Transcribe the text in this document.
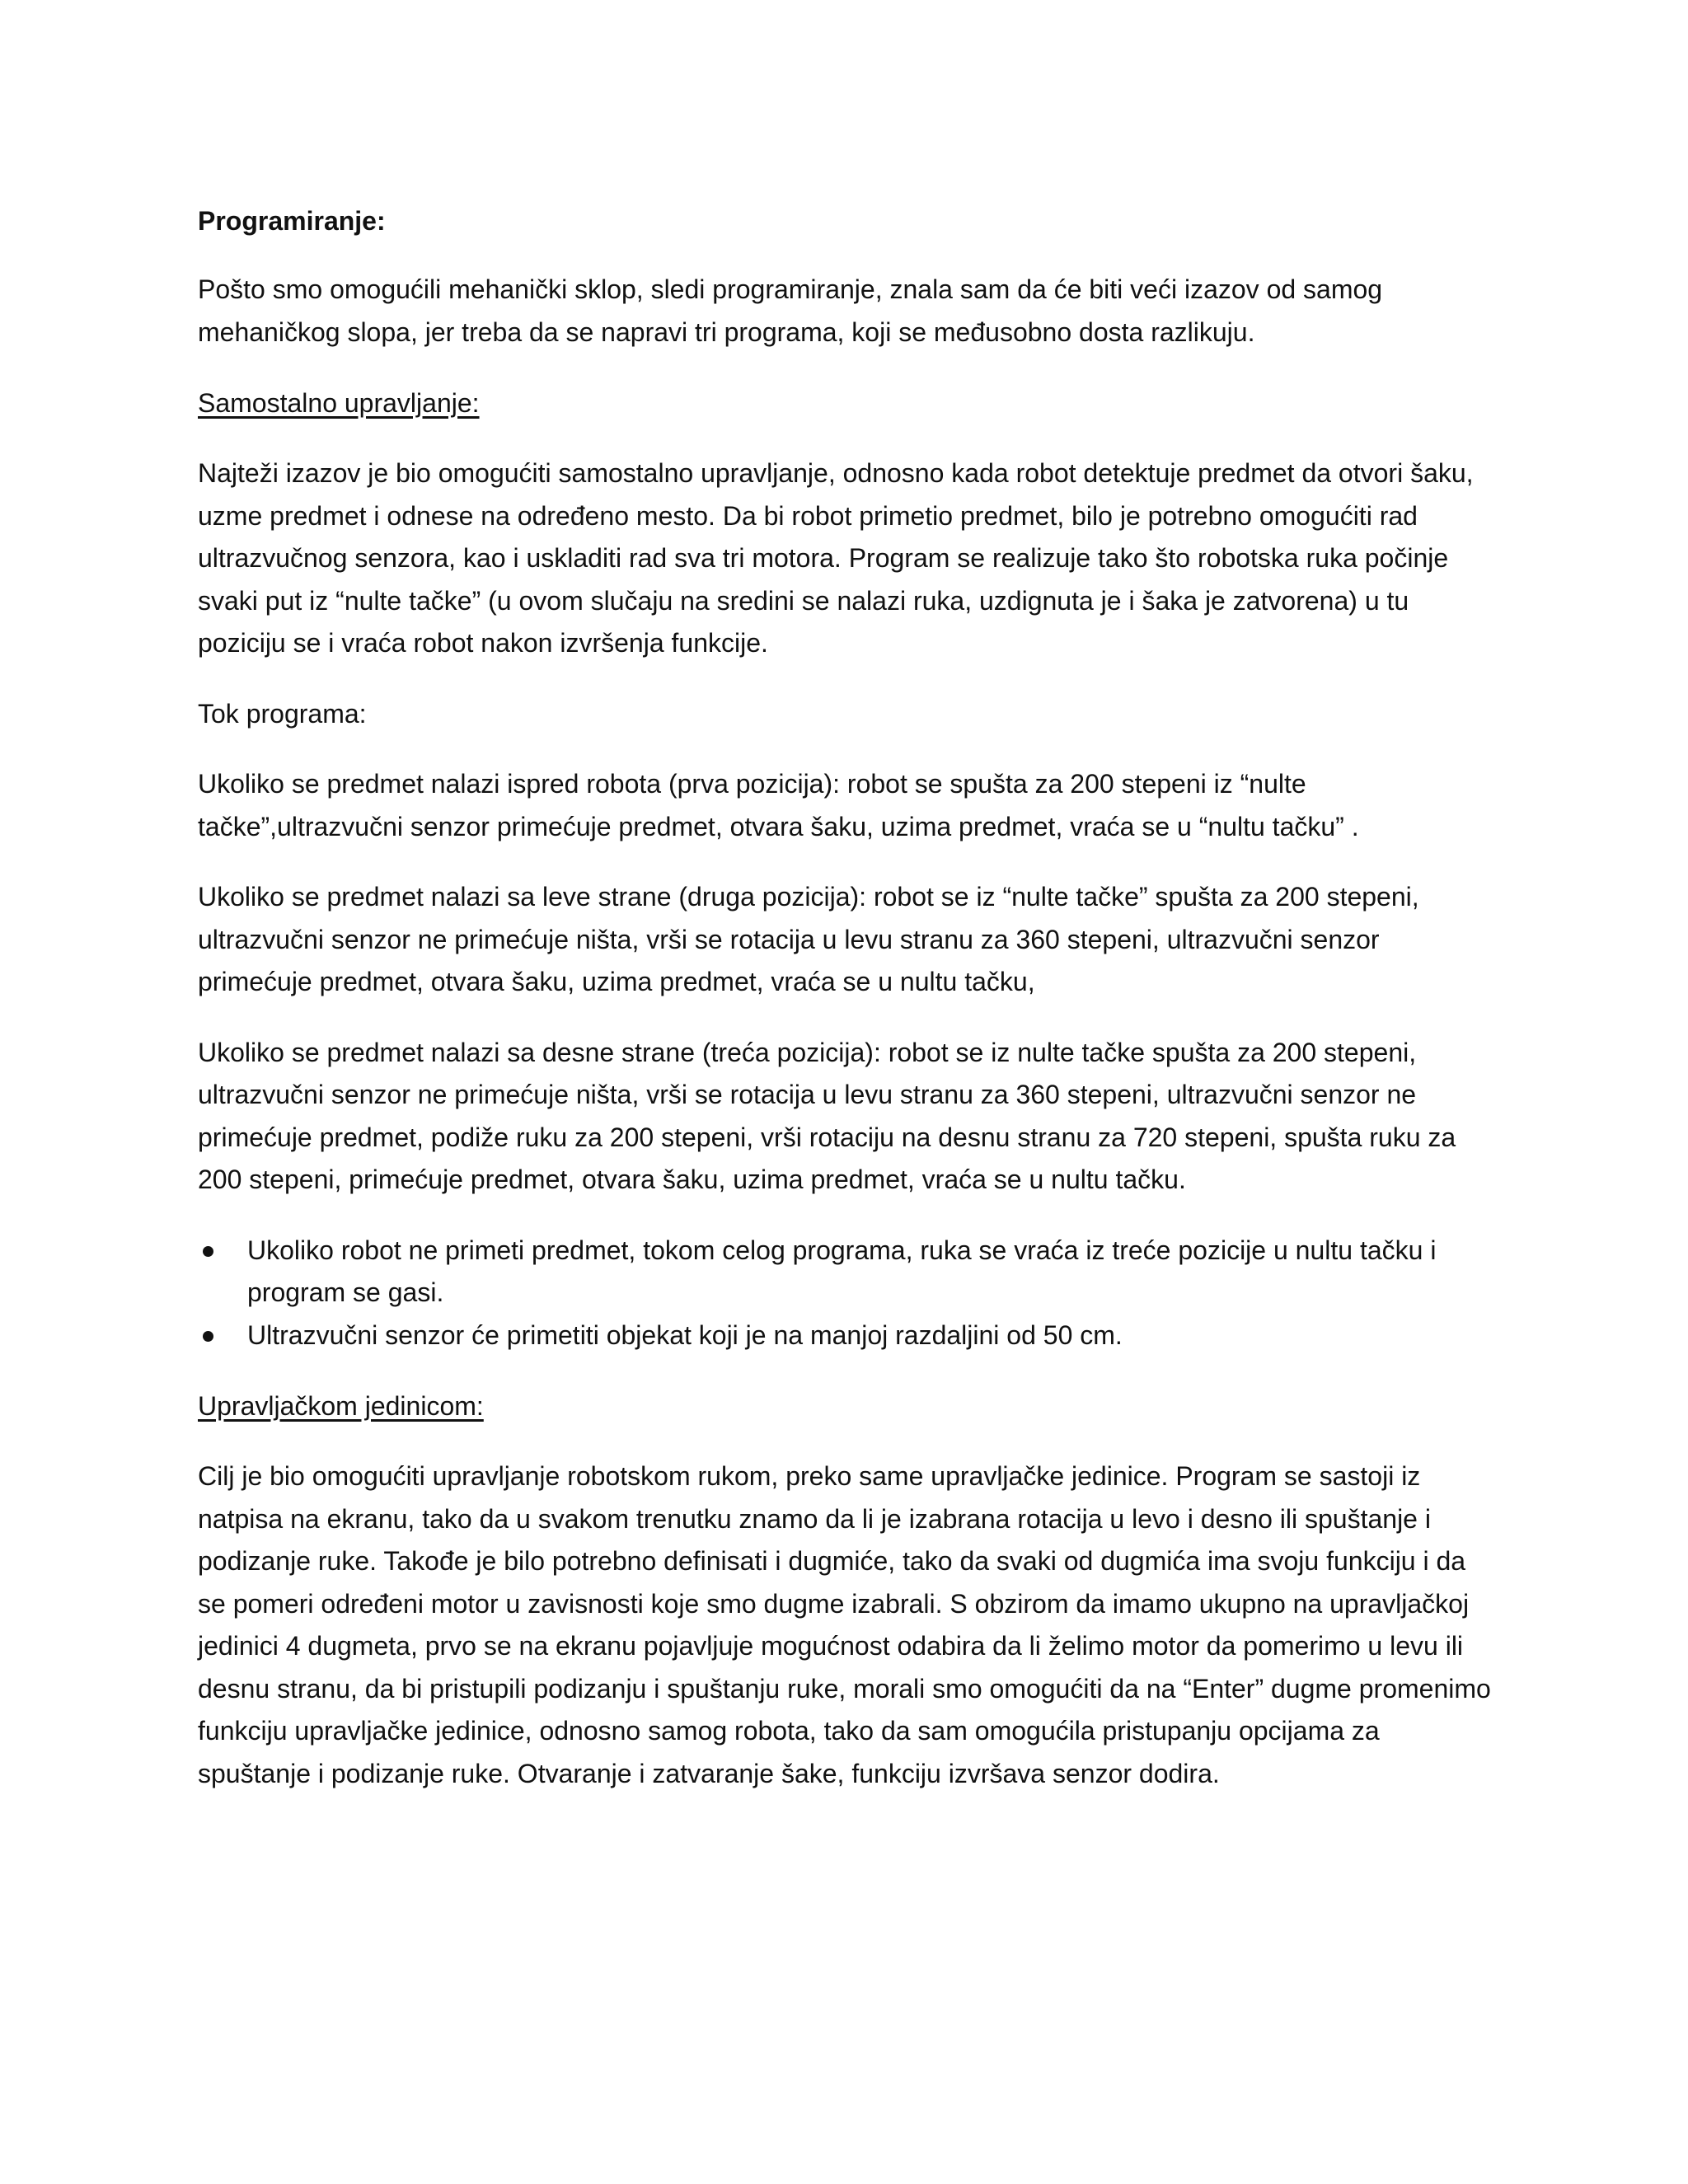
Programiranje:

Pošto smo omogućili mehanički sklop, sledi programiranje, znala sam da će biti veći izazov od samog mehaničkog slopa, jer treba da se napravi tri programa, koji se međusobno dosta razlikuju.

Samostalno upravljanje:

Najteži izazov je bio omogućiti samostalno upravljanje, odnosno kada robot detektuje predmet da otvori šaku, uzme predmet i odnese na određeno mesto. Da bi robot primetio predmet, bilo je potrebno omogućiti rad ultrazvučnog senzora, kao i uskladiti rad sva tri motora. Program se realizuje tako što robotska ruka počinje svaki put iz “nulte tačke” (u ovom slučaju na sredini se nalazi ruka, uzdignuta je i šaka je zatvorena) u tu poziciju se i vraća robot nakon izvršenja funkcije.

Tok programa:

Ukoliko se predmet nalazi ispred robota (prva pozicija): robot se spušta za 200 stepeni iz “nulte tačke”,ultrazvučni senzor primećuje predmet, otvara šaku, uzima predmet, vraća se u “nultu tačku” .

Ukoliko se predmet nalazi sa leve strane (druga pozicija): robot se iz “nulte tačke” spušta za 200 stepeni, ultrazvučni senzor ne primećuje ništa, vrši se rotacija u levu stranu za 360 stepeni, ultrazvučni senzor primećuje predmet, otvara šaku, uzima predmet, vraća se u nultu tačku,

Ukoliko se predmet nalazi sa desne strane (treća pozicija): robot se iz nulte tačke spušta za 200 stepeni, ultrazvučni senzor ne primećuje ništa, vrši se rotacija u levu stranu za 360 stepeni, ultrazvučni senzor ne primećuje predmet, podiže ruku za 200 stepeni, vrši rotaciju na desnu stranu za 720 stepeni, spušta ruku za 200 stepeni, primećuje predmet, otvara šaku, uzima predmet, vraća se u nultu tačku.

Ukoliko robot ne primeti predmet, tokom celog programa, ruka se vraća iz treće pozicije u nultu tačku i program se gasi.
Ultrazvučni senzor će primetiti objekat koji je na manjoj razdaljini od 50 cm.
Upravljačkom jedinicom:

Cilj je bio omogućiti upravljanje robotskom rukom, preko same upravljačke jedinice. Program se sastoji iz natpisa na ekranu, tako da u svakom trenutku znamo da li je izabrana rotacija u levo i desno ili spuštanje i podizanje ruke. Takođe je bilo potrebno definisati i dugmiće, tako da svaki od dugmića ima svoju funkciju i da se pomeri određeni motor u zavisnosti koje smo dugme izabrali. S obzirom da imamo ukupno na upravljačkoj jedinici 4 dugmeta, prvo se na ekranu pojavljuje mogućnost odabira da li želimo motor da pomerimo u levu ili desnu stranu, da bi pristupili podizanju i spuštanju ruke, morali smo omogućiti da na “Enter” dugme promenimo funkciju upravljačke jedinice, odnosno samog robota, tako da sam omogućila pristupanju opcijama za spuštanje i podizanje ruke. Otvaranje i zatvaranje šake, funkciju izvršava senzor dodira.
